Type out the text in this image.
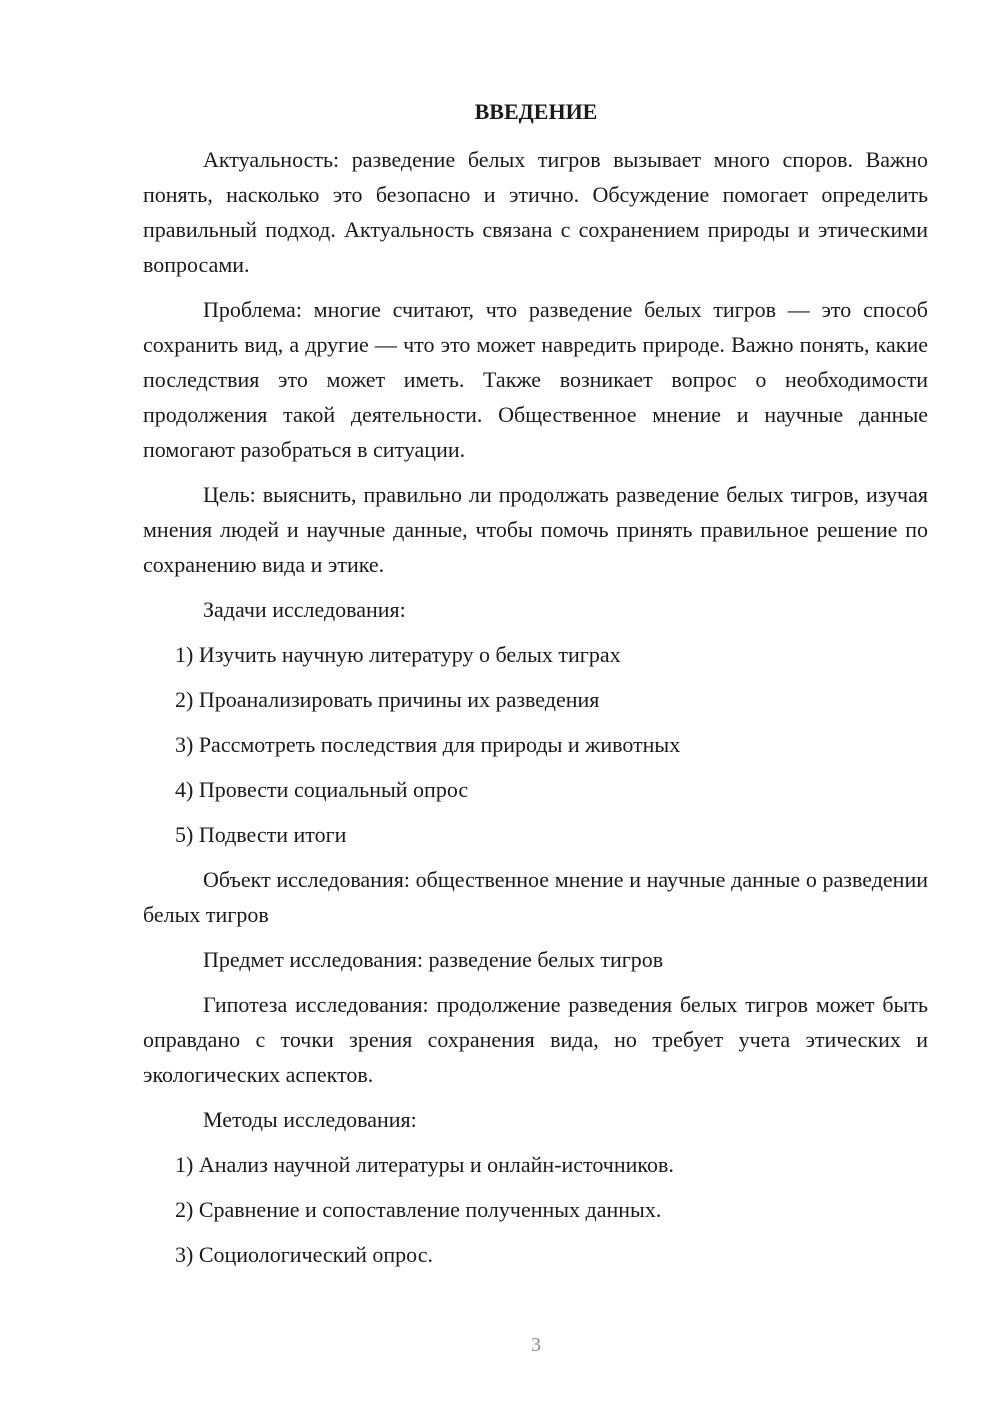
ВВЕДЕНИЕ

Актуальность: разведение белых тигров вызывает много споров. Важно понять, насколько это безопасно и этично. Обсуждение помогает определить правильный подход. Актуальность связана с сохранением природы и этическими вопросами.

Проблема: многие считают, что разведение белых тигров — это способ сохранить вид, а другие — что это может навредить природе. Важно понять, какие последствия это может иметь. Также возникает вопрос о необходимости продолжения такой деятельности. Общественное мнение и научные данные помогают разобраться в ситуации.

Цель: выяснить, правильно ли продолжать разведение белых тигров, изучая мнения людей и научные данные, чтобы помочь принять правильное решение по сохранению вида и этике.

Задачи исследования:

1) Изучить научную литературу о белых тиграх

2) Проанализировать причины их разведения

3) Рассмотреть последствия для природы и животных

4) Провести социальный опрос

5) Подвести итоги

Объект исследования: общественное мнение и научные данные о разведении белых тигров

Предмет исследования: разведение белых тигров

Гипотеза исследования: продолжение разведения белых тигров может быть оправдано с точки зрения сохранения вида, но требует учета этических и экологических аспектов.

Методы исследования:

1) Анализ научной литературы и онлайн-источников.

2) Сравнение и сопоставление полученных данных.

3) Социологический опрос.

3
